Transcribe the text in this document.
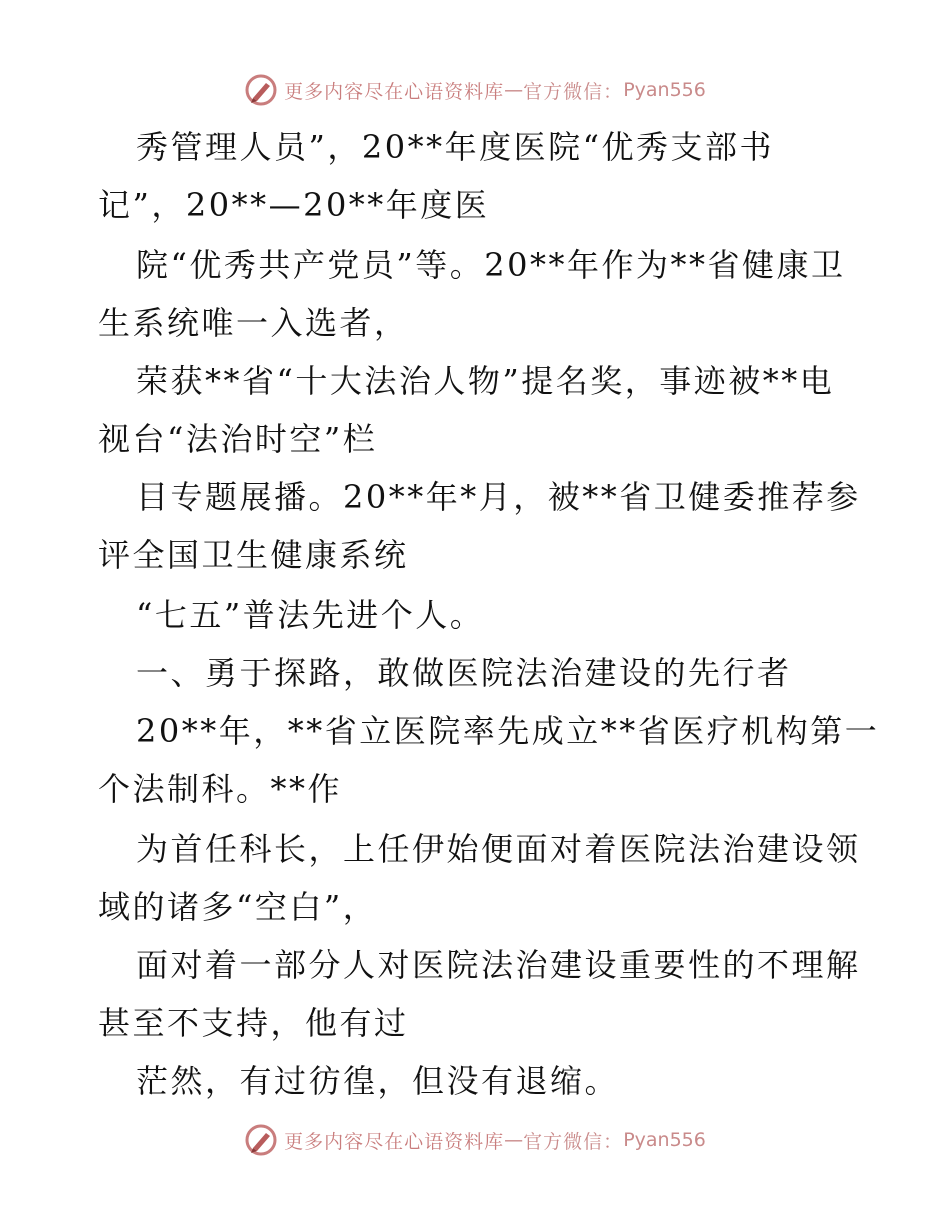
更多内容尽在心语资料库 — 官方微信： Pyan556
秀管理人员”，20**年度医院“优秀支部书
记”，20**—20**年度医
院“优秀共产党员”等。20**年作为**省健康卫
生系统唯一入选者，
荣获**省“十大法治人物”提名奖，事迹被**电
视台“法治时空”栏
目专题展播。20**年*月，被**省卫健委推荐参
评全国卫生健康系统
“七五”普法先进个人。
一、勇于探路，敢做医院法治建设的先行者
20**年，**省立医院率先成立**省医疗机构第一
个法制科。**作
为首任科长，上任伊始便面对着医院法治建设领
域的诸多“空白”，
面对着一部分人对医院法治建设重要性的不理解
甚至不支持，他有过
茫然，有过彷徨，但没有退缩。
更多内容尽在心语资料库 — 官方微信： Pyan556
